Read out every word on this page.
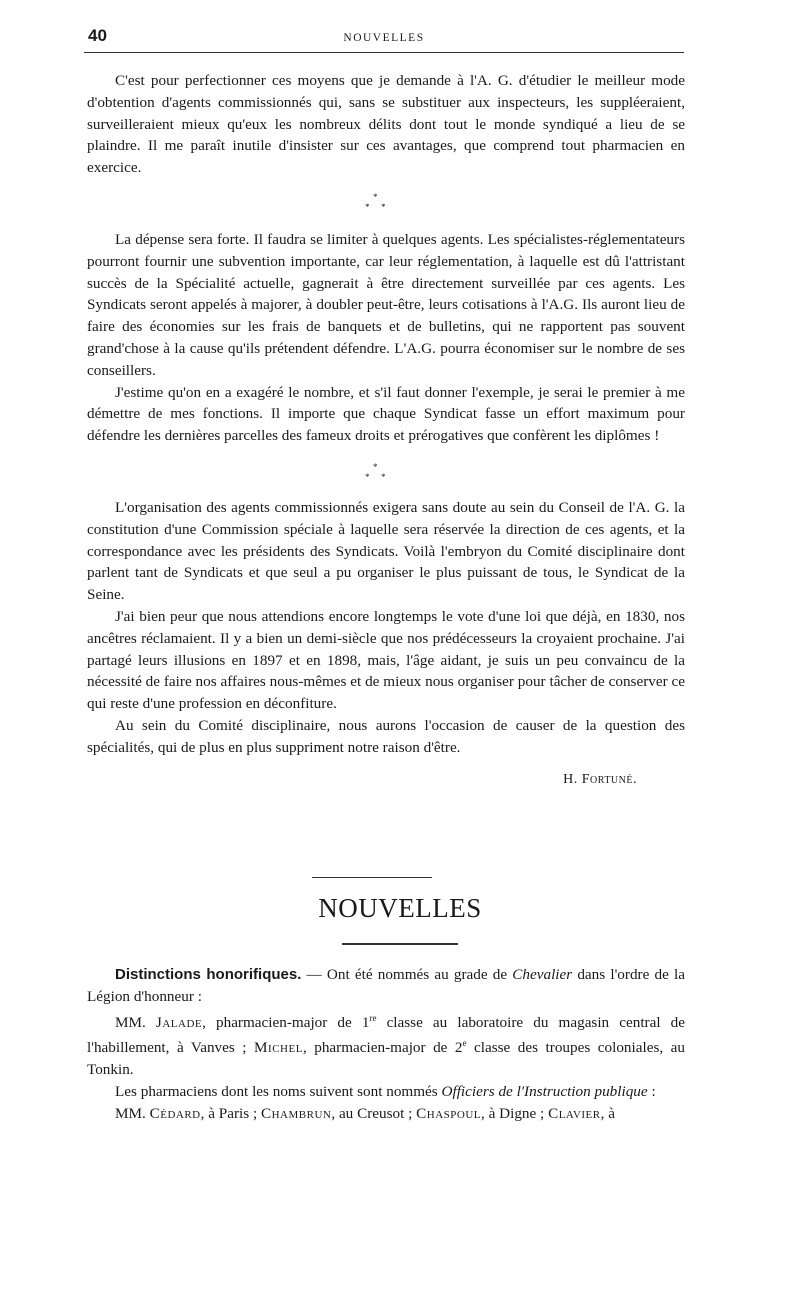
40	NOUVELLES

C'est pour perfectionner ces moyens que je demande à l'A. G. d'étudier le meilleur mode d'obtention d'agents commissionnés qui, sans se substituer aux inspecteurs, les suppléeraient, surveilleraient mieux qu'eux les nombreux délits dont tout le monde syndiqué a lieu de se plaindre. Il me paraît inutile d'insister sur ces avantages, que comprend tout pharmacien en exercice.

*
* *

La dépense sera forte. Il faudra se limiter à quelques agents. Les spécialistes-réglementateurs pourront fournir une subvention importante, car leur réglementation, à laquelle est dû l'attristant succès de la Spécialité actuelle, gagnerait à être directement surveillée par ces agents. Les Syndicats seront appelés à majorer, à doubler peut-être, leurs cotisations à l'A.G. Ils auront lieu de faire des économies sur les frais de banquets et de bulletins, qui ne rapportent pas souvent grand'chose à la cause qu'ils prétendent défendre. L'A.G. pourra économiser sur le nombre de ses conseillers.

J'estime qu'on en a exagéré le nombre, et s'il faut donner l'exemple, je serai le premier à me démettre de mes fonctions. Il importe que chaque Syndicat fasse un effort maximum pour défendre les dernières parcelles des fameux droits et prérogatives que confèrent les diplômes !

*
* *

L'organisation des agents commissionnés exigera sans doute au sein du Conseil de l'A. G. la constitution d'une Commission spéciale à laquelle sera réservée la direction de ces agents, et la correspondance avec les présidents des Syndicats. Voilà l'embryon du Comité disciplinaire dont parlent tant de Syndicats et que seul a pu organiser le plus puissant de tous, le Syndicat de la Seine.

J'ai bien peur que nous attendions encore longtemps le vote d'une loi que déjà, en 1830, nos ancêtres réclamaient. Il y a bien un demi-siècle que nos prédécesseurs la croyaient prochaine. J'ai partagé leurs illusions en 1897 et en 1898, mais, l'âge aidant, je suis un peu convaincu de la nécessité de faire nos affaires nous-mêmes et de mieux nous organiser pour tâcher de conserver ce qui reste d'une profession en déconfiture.

Au sein du Comité disciplinaire, nous aurons l'occasion de causer de la question des spécialités, qui de plus en plus suppriment notre raison d'être.

H. Fortuné.
NOUVELLES

Distinctions honorifiques. — Ont été nommés au grade de Chevalier dans l'ordre de la Légion d'honneur :

MM. Jalade, pharmacien-major de 1re classe au laboratoire du magasin central de l'habillement, à Vanves ; Michel, pharmacien-major de 2e classe des troupes coloniales, au Tonkin.

Les pharmaciens dont les noms suivent sont nommés Officiers de l'Instruction publique :

MM. Cédard, à Paris ; Chambrun, au Creusot ; Chaspoul, à Digne ; Clavier, à
